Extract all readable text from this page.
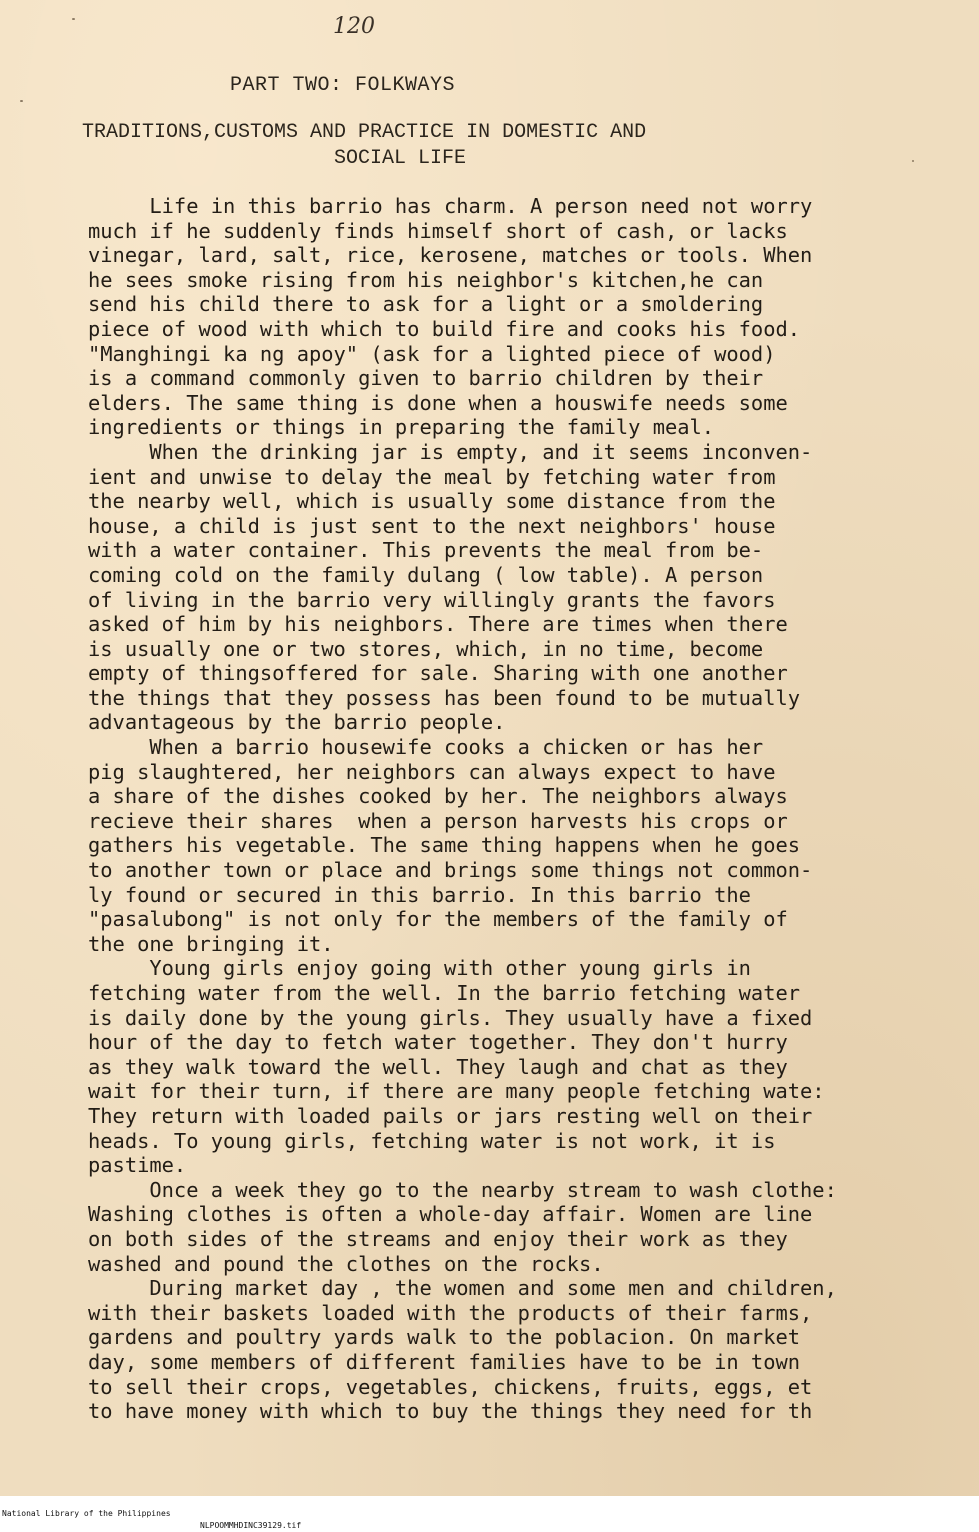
120
PART TWO: FOLKWAYS
TRADITIONS,CUSTOMS AND PRACTICE IN DOMESTIC AND
SOCIAL LIFE
Life in this barrio has charm. A person need not worry
much if he suddenly finds himself short of cash, or lacks
vinegar, lard, salt, rice, kerosene, matches or tools. When
he sees smoke rising from his neighbor's kitchen,he can
send his child there to ask for a light or a smoldering
piece of wood with which to build fire and cooks his food.
"Manghingi ka ng apoy" (ask for a lighted piece of wood)
is a command commonly given to barrio children by their
elders. The same thing is done when a houswife needs some
ingredients or things in preparing the family meal.
When the drinking jar is empty, and it seems inconven-
ient and unwise to delay the meal by fetching water from
the nearby well, which is usually some distance from the
house, a child is just sent to the next neighbors' house
with a water container. This prevents the meal from be-
coming cold on the family dulang ( low table). A person
of living in the barrio very willingly grants the favors
asked of him by his neighbors. There are times when there
is usually one or two stores, which, in no time, become
empty of thingsoffered for sale. Sharing with one another
the things that they possess has been found to be mutually
advantageous by the barrio people.
When a barrio housewife cooks a chicken or has her
pig slaughtered, her neighbors can always expect to have
a share of the dishes cooked by her. The neighbors always
recieve their shares  when a person harvests his crops or
gathers his vegetable. The same thing happens when he goes
to another town or place and brings some things not common-
ly found or secured in this barrio. In this barrio the
"pasalubong" is not only for the members of the family of
the one bringing it.
Young girls enjoy going with other young girls in
fetching water from the well. In the barrio fetching water
is daily done by the young girls. They usually have a fixed
hour of the day to fetch water together. They don't hurry
as they walk toward the well. They laugh and chat as they
wait for their turn, if there are many people fetching wate:
They return with loaded pails or jars resting well on their
heads. To young girls, fetching water is not work, it is
pastime.
Once a week they go to the nearby stream to wash clothe:
Washing clothes is often a whole-day affair. Women are line
on both sides of the streams and enjoy their work as they
washed and pound the clothes on the rocks.
During market day , the women and some men and children,
with their baskets loaded with the products of their farms,
gardens and poultry yards walk to the poblacion. On market
day, some members of different families have to be in town
to sell their crops, vegetables, chickens, fruits, eggs, et
to have money with which to buy the things they need for th

National Library of the Philippines

NLPOOMMHDINC39129.tif
